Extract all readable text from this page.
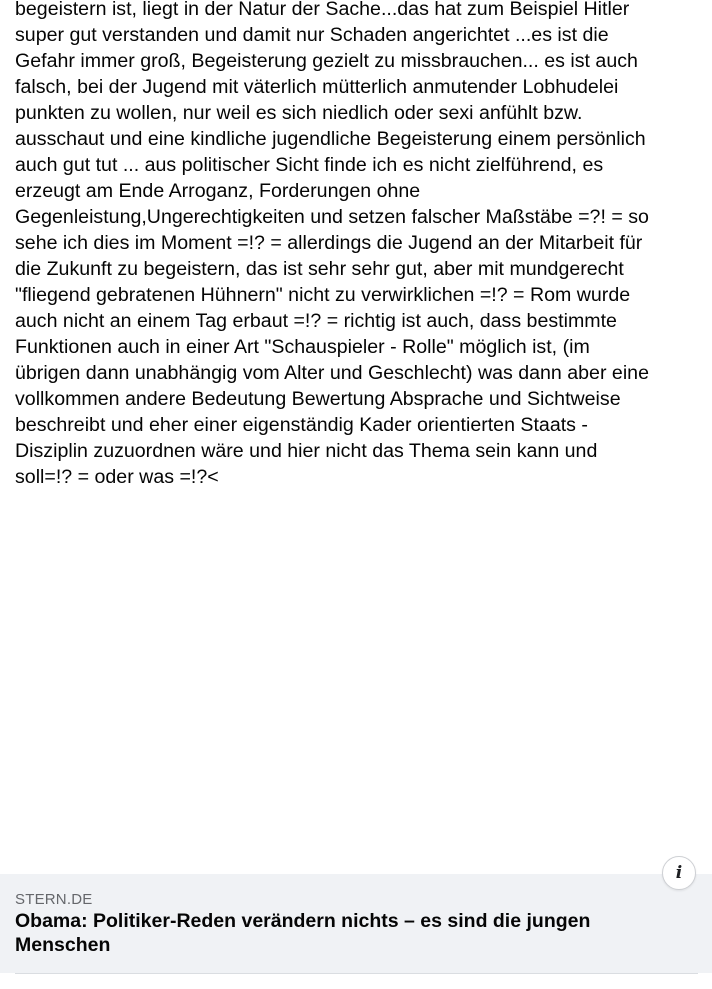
begeistern ist, liegt in der Natur der Sache...das hat zum Beispiel Hitler
super gut verstanden und damit nur Schaden angerichtet ...es ist die
Gefahr immer groß, Begeisterung gezielt zu missbrauchen... es ist auch
falsch, bei der Jugend mit väterlich mütterlich anmutender Lobhudelei
punkten zu wollen, nur weil es sich niedlich oder sexi anfühlt bzw.
ausschaut und eine kindliche jugendliche Begeisterung einem persönlich
auch gut tut ... aus politischer Sicht finde ich es nicht zielführend, es
erzeugt am Ende Arroganz, Forderungen ohne
Gegenleistung,Ungerechtigkeiten und setzen falscher Maßstäbe =?! = so
sehe ich dies im Moment =!? = allerdings die Jugend an der Mitarbeit für
die Zukunft zu begeistern, das ist sehr sehr gut, aber mit mundgerecht
"fliegend gebratenen Hühnern" nicht zu verwirklichen =!? = Rom wurde
auch nicht an einem Tag erbaut =!? = richtig ist auch, dass bestimmte
Funktionen auch in einer Art "Schauspieler - Rolle" möglich ist, (im
übrigen dann unabhängig vom Alter und Geschlecht) was dann aber eine
vollkommen andere Bedeutung Bewertung Absprache und Sichtweise
beschreibt und eher einer eigenständig Kader orientierten Staats -
Disziplin zuzuordnen wäre und hier nicht das Thema sein kann und
soll=!? = oder was =!?<
STERN.DE
Obama: Politiker-Reden verändern nichts – es sind die jungen Menschen
i
